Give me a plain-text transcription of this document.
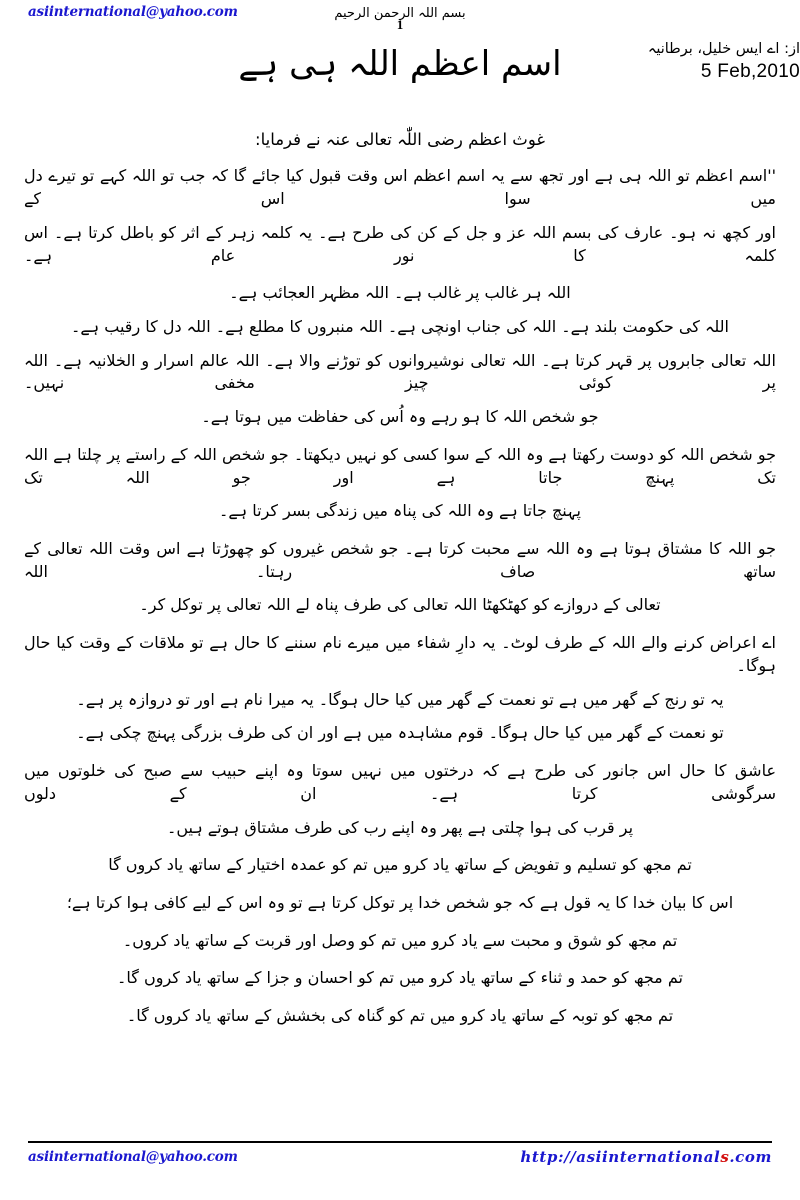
asiinternational@yahoo.com	بسم اللہ الرحمن الرحیم
1
از: اے ایس خلیل، برطانیہ
5 Feb,2010
اسم اعظم اللہ ہی ہے
غوث اعظم رضی اللّٰہ تعالی عنہ نے فرمایا:
''اسم اعظم تو اللہ ہی ہے اور تجھ سے یہ اسم اعظم اس وقت قبول کیا جائے گا کہ جب تو اللہ کہے تو تیرے دل میں سوا اس کے
اور کچھ نہ ہو۔ عارف کی بسم اللہ عز و جل کے کن کی طرح ہے۔ یہ کلمہ زہر کے اثر کو باطل کرتا ہے۔ اس کلمہ کا نور عام ہے۔
اللہ ہر غالب پر غالب ہے۔ اللہ مظہر العجائب ہے۔
اللہ کی حکومت بلند ہے۔ اللہ کی جناب اونچی ہے۔ اللہ منبروں کا مطلع ہے۔ اللہ دل کا رقیب ہے۔
اللہ تعالی جابروں پر قہر کرتا ہے۔ اللہ تعالی نوشیروانوں کو توڑنے والا ہے۔ اللہ عالم اسرار و الخلانیہ ہے۔ اللہ پر کوئی چیز مخفی نہیں۔
جو شخص اللہ کا ہو رہے وہ اُس کی حفاظت میں ہوتا ہے۔
جو شخص اللہ کو دوست رکھتا ہے وہ اللہ کے سوا کسی کو نہیں دیکھتا۔ جو شخص اللہ کے راستے پر چلتا ہے اللہ تک پہنچ جاتا ہے اور جو اللہ تک
پہنچ جاتا ہے وہ اللہ کی پناہ میں زندگی بسر کرتا ہے۔
جو اللہ کا مشتاق ہوتا ہے وہ اللہ سے محبت کرتا ہے۔ جو شخص غیروں کو چھوڑتا ہے اس وقت اللہ تعالی کے ساتھ صاف رہتا۔ اللہ
تعالی کے دروازے کو کھٹکھٹا اللہ تعالی کی طرف پناہ لے اللہ تعالی پر توکل کر۔
اے اعراض کرنے والے اللہ کے طرف لوٹ۔ یہ دارِ شفاء میں میرے نام سننے کا حال ہے تو ملاقات کے وقت کیا حال ہوگا۔
یہ تو رنج کے گھر میں ہے تو نعمت کے گھر میں کیا حال ہوگا۔ یہ میرا نام ہے اور تو دروازہ پر ہے۔
تو نعمت کے گھر میں کیا حال ہوگا۔ قوم مشاہدہ میں ہے اور ان کی طرف بزرگی پہنچ چکی ہے۔
عاشق کا حال اس جانور کی طرح ہے کہ درختوں میں نہیں سوتا وہ اپنے حبیب سے صبح کی خلوتوں میں سرگوشی کرتا ہے۔ ان کے دلوں
پر قرب کی ہوا چلتی ہے پھر وہ اپنے رب کی طرف مشتاق ہوتے ہیں۔
تم مجھ کو تسلیم و تفویض کے ساتھ یاد کرو میں تم کو عمدہ اختیار کے ساتھ یاد کروں گا
اس کا بیان خدا کا یہ قول ہے کہ جو شخص خدا پر توکل کرتا ہے تو وہ اس کے لیے کافی ہوا کرتا ہے؛
تم مجھ کو شوق و محبت سے یاد کرو میں تم کو وصل اور قربت کے ساتھ یاد کروں۔
تم مجھ کو حمد و ثناء کے ساتھ یاد کرو میں تم کو احسان و جزا کے ساتھ یاد کروں گا۔
تم مجھ کو توبہ کے ساتھ یاد کرو میں تم کو گناہ کی بخشش کے ساتھ یاد کروں گا۔
asiinternational@yahoo.com	http://asiinternationals.com
